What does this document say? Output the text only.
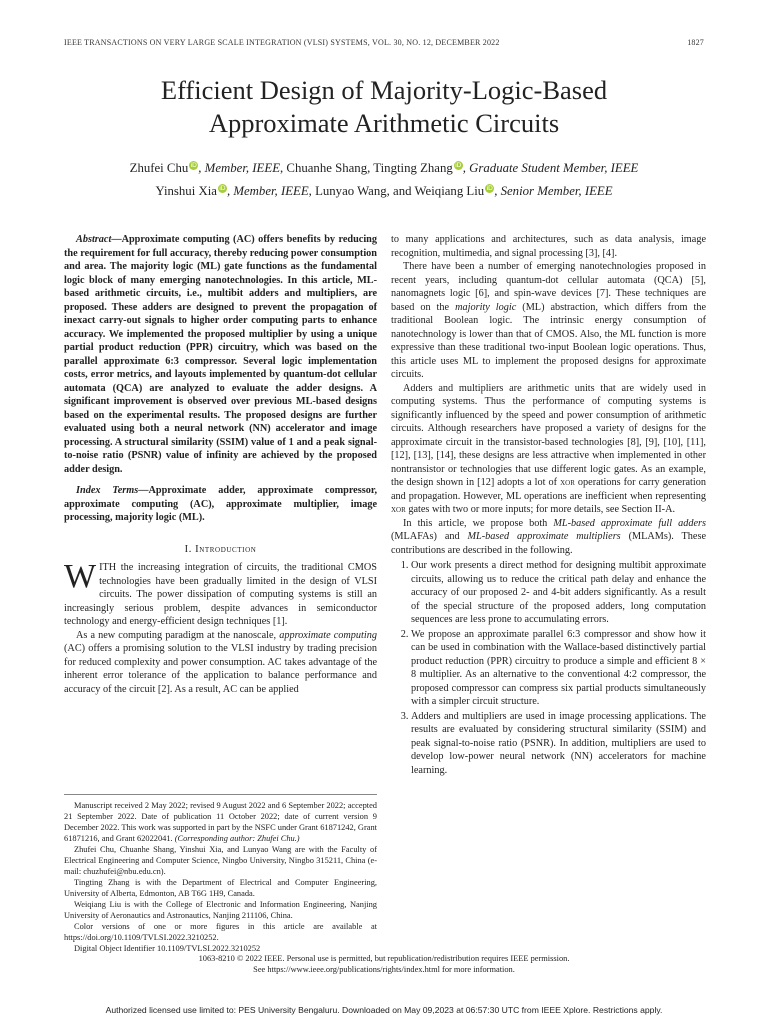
IEEE TRANSACTIONS ON VERY LARGE SCALE INTEGRATION (VLSI) SYSTEMS, VOL. 30, NO. 12, DECEMBER 2022	1827
Efficient Design of Majority-Logic-Based
Approximate Arithmetic Circuits
Zhufei Chu iD, Member, IEEE, Chuanhe Shang, Tingting Zhang iD, Graduate Student Member, IEEE
Yinshui Xia iD, Member, IEEE, Lunyao Wang, and Weiqiang Liu iD, Senior Member, IEEE

Abstract—Approximate computing (AC) offers benefits by reducing the requirement for full accuracy, thereby reducing power consumption and area. The majority logic (ML) gate functions as the fundamental logic block of many emerging nanotechnologies. In this article, ML-based arithmetic circuits, i.e., multibit adders and multipliers, are proposed. These adders are designed to prevent the propagation of inexact carry-out signals to higher order computing parts to enhance accuracy. We implemented the proposed multiplier by using a unique partial product reduction (PPR) circuitry, which was based on the parallel approximate 6:3 compressor. Several logic implementation costs, error metrics, and layouts implemented by quantum-dot cellular automata (QCA) are analyzed to evaluate the adder designs. A significant improvement is observed over previous ML-based designs based on the experimental results. The proposed designs are further evaluated using both a neural network (NN) accelerator and image processing. A structural similarity (SSIM) value of 1 and a peak signal-to-noise ratio (PSNR) value of infinity are achieved by the proposed adder design.

Index Terms—Approximate adder, approximate compressor, approximate computing (AC), approximate multiplier, image processing, majority logic (ML).

I. Introduction

WITH the increasing integration of circuits, the traditional CMOS technologies have been gradually limited in the design of VLSI circuits. The power dissipation of computing systems is still an increasingly serious problem, despite advances in semiconductor technology and energy-efficient design techniques [1].

As a new computing paradigm at the nanoscale, approximate computing (AC) offers a promising solution to the VLSI industry by trading precision for reduced complexity and power consumption. AC takes advantage of the inherent error tolerance of the application to balance performance and accuracy of the circuit [2]. As a result, AC can be applied

Manuscript received 2 May 2022; revised 9 August 2022 and 6 September 2022; accepted 21 September 2022. Date of publication 11 October 2022; date of current version 9 December 2022. This work was supported in part by the NSFC under Grant 61871242, Grant 61871216, and Grant 62022041. (Corresponding author: Zhufei Chu.)

Zhufei Chu, Chuanhe Shang, Yinshui Xia, and Lunyao Wang are with the Faculty of Electrical Engineering and Computer Science, Ningbo University, Ningbo 315211, China (e-mail: chuzhufei@nbu.edu.cn).

Tingting Zhang is with the Department of Electrical and Computer Engineering, University of Alberta, Edmonton, AB T6G 1H9, Canada.

Weiqiang Liu is with the College of Electronic and Information Engineering, Nanjing University of Aeronautics and Astronautics, Nanjing 211106, China.

Color versions of one or more figures in this article are available at https://doi.org/10.1109/TVLSI.2022.3210252.

Digital Object Identifier 10.1109/TVLSI.2022.3210252

to many applications and architectures, such as data analysis, image recognition, multimedia, and signal processing [3], [4].

There have been a number of emerging nanotechnologies proposed in recent years, including quantum-dot cellular automata (QCA) [5], nanomagnets logic [6], and spin-wave devices [7]. These techniques are based on the majority logic (ML) abstraction, which differs from the traditional Boolean logic. The intrinsic energy consumption of nanotechnology is lower than that of CMOS. Also, the ML function is more expressive than these traditional two-input Boolean logic operations. Thus, this article uses ML to implement the proposed designs for approximate circuits.

Adders and multipliers are arithmetic units that are widely used in computing systems. Thus the performance of computing systems is significantly influenced by the speed and power consumption of arithmetic circuits. Although researchers have proposed a variety of designs for the approximate circuit in the transistor-based technologies [8], [9], [10], [11], [12], [13], [14], these designs are less attractive when implemented in other nontransistor or technologies that use different logic gates. As an example, the design shown in [12] adopts a lot of xor operations for carry generation and propagation. However, ML operations are inefficient when representing xor gates with two or more inputs; for more details, see Section II-A.

In this article, we propose both ML-based approximate full adders (MLAFAs) and ML-based approximate multipliers (MLAMs). These contributions are described in the following.

1. Our work presents a direct method for designing multibit approximate circuits, allowing us to reduce the critical path delay and enhance the accuracy of our proposed 2- and 4-bit adders significantly. As a result of the special structure of the proposed adders, long computation sequences are less prone to accumulating errors.
2. We propose an approximate parallel 6:3 compressor and show how it can be used in combination with the Wallace-based distinctively partial product reduction (PPR) circuitry to produce a simple and efficient 8 × 8 multiplier. As an alternative to the conventional 4:2 compressor, the proposed compressor can compress six partial products simultaneously with a simpler circuit structure.
3. Adders and multipliers are used in image processing applications. The results are evaluated by considering structural similarity (SSIM) and peak signal-to-noise ratio (PSNR). In addition, multipliers are used to develop low-power neural network (NN) accelerators for machine learning.
1063-8210 © 2022 IEEE. Personal use is permitted, but republication/redistribution requires IEEE permission.
See https://www.ieee.org/publications/rights/index.html for more information.
Authorized licensed use limited to: PES University Bengaluru. Downloaded on May 09,2023 at 06:57:30 UTC from IEEE Xplore. Restrictions apply.
